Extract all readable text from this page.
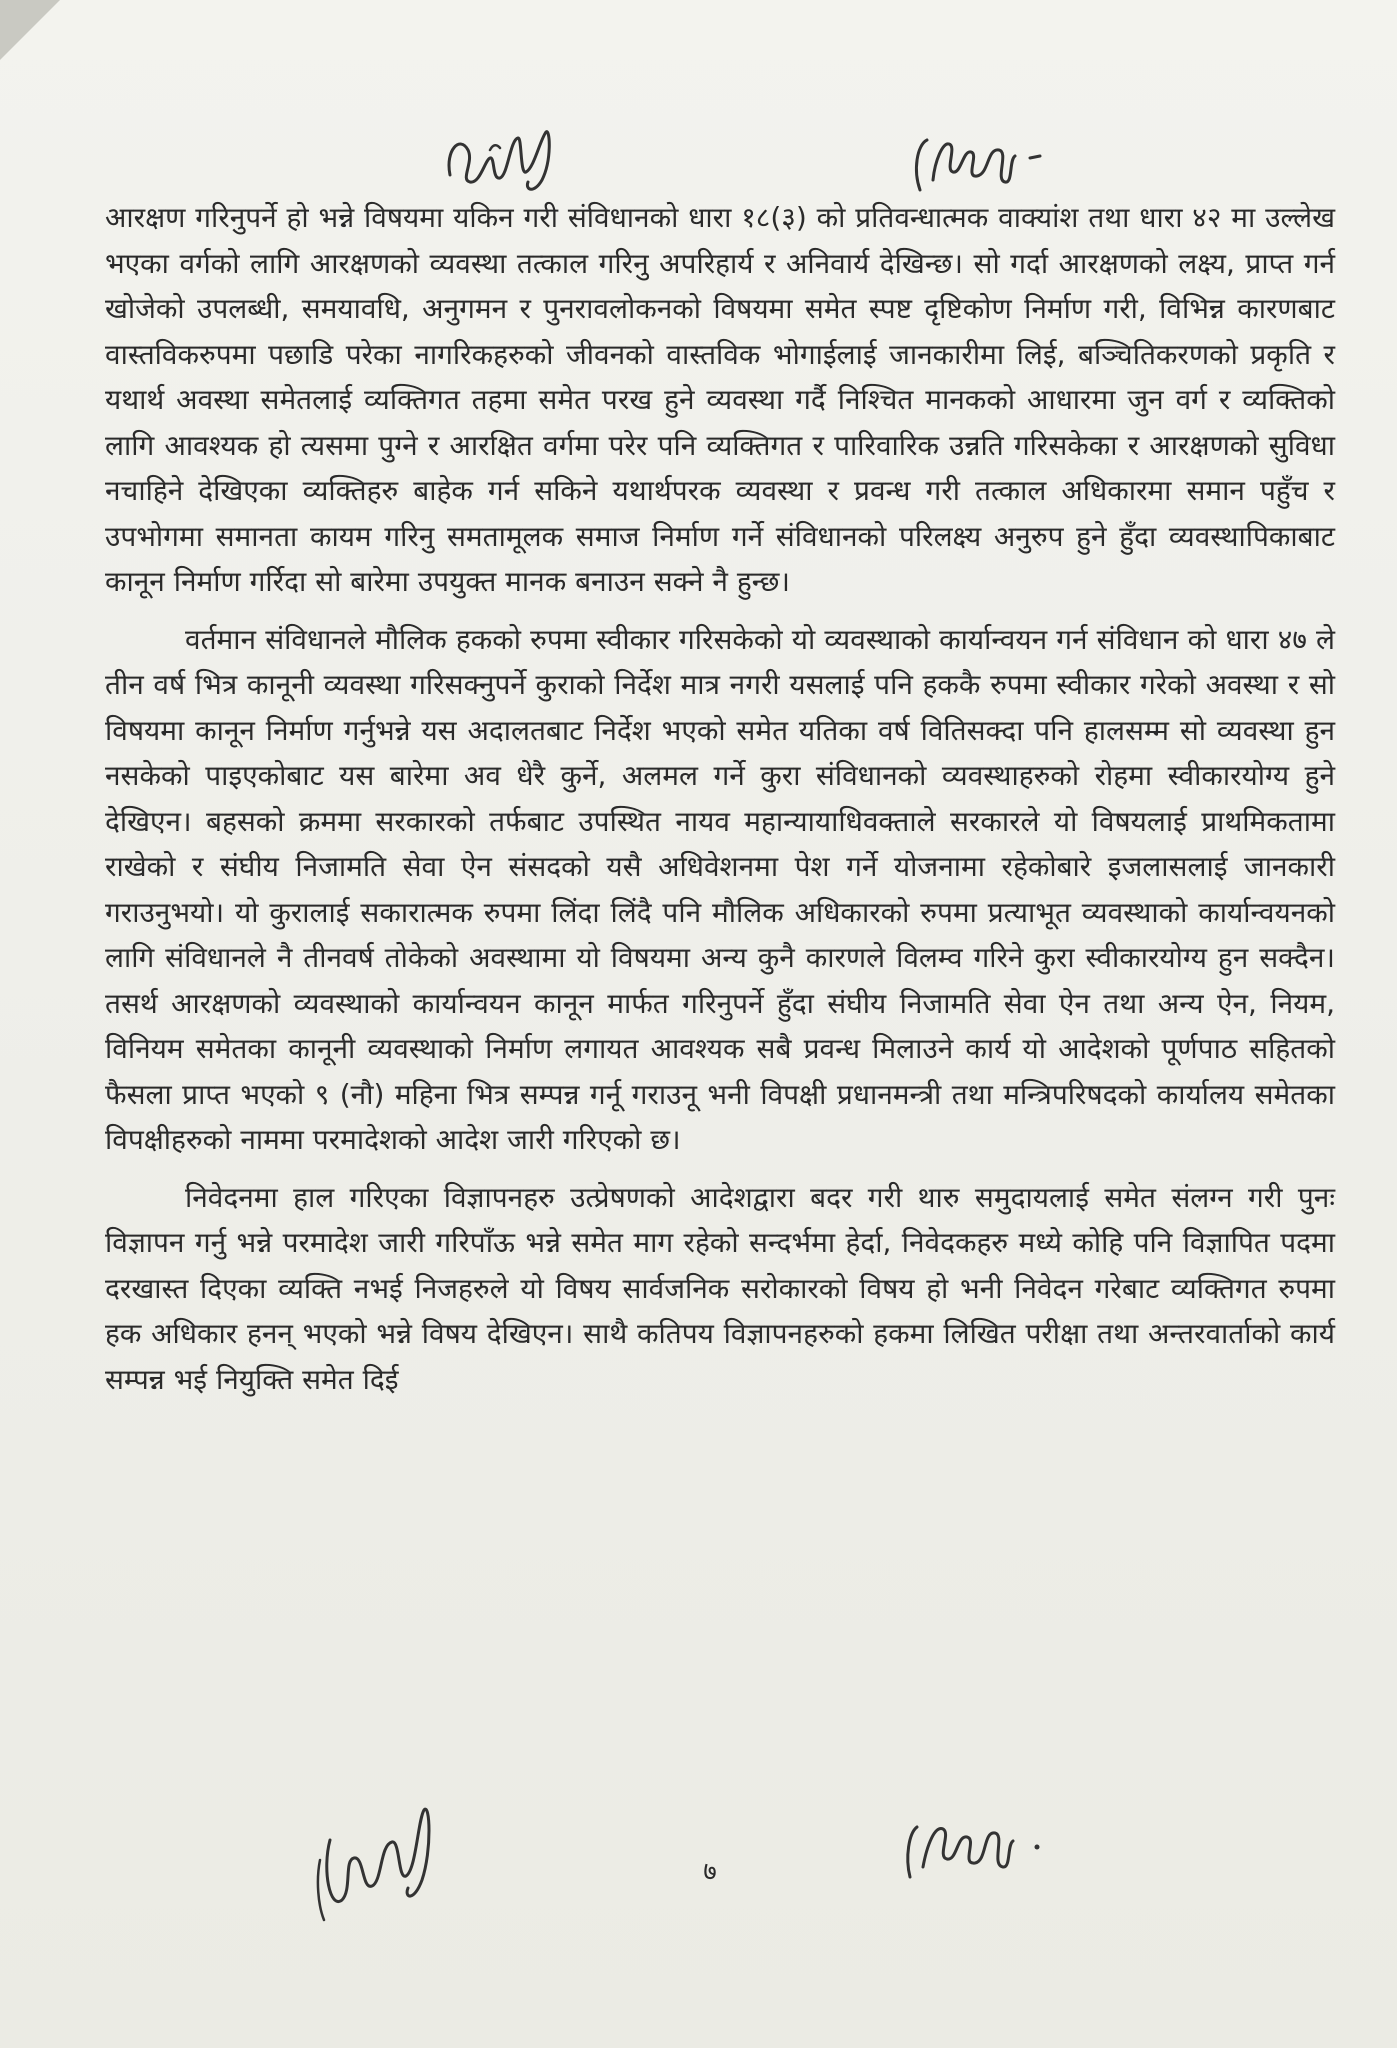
आरक्षण गरिनुपर्ने हो भन्ने विषयमा यकिन गरी संविधानको धारा १८(३) को प्रतिवन्धात्मक वाक्यांश तथा धारा ४२ मा उल्लेख भएका वर्गको लागि आरक्षणको व्यवस्था तत्काल गरिनु अपरिहार्य र अनिवार्य देखिन्छ। सो गर्दा आरक्षणको लक्ष्य, प्राप्त गर्न खोजेको उपलब्धी, समयावधि, अनुगमन र पुनरावलोकनको विषयमा समेत स्पष्ट दृष्टिकोण निर्माण गरी, विभिन्न कारणबाट वास्तविकरुपमा पछाडि परेका नागरिकहरुको जीवनको वास्तविक भोगाईलाई जानकारीमा लिई, बञ्चितिकरणको प्रकृति र यथार्थ अवस्था समेतलाई व्यक्तिगत तहमा समेत परख हुने व्यवस्था गर्दै निश्चित मानकको आधारमा जुन वर्ग र व्यक्तिको लागि आवश्यक हो त्यसमा पुग्ने र आरक्षित वर्गमा परेर पनि व्यक्तिगत र पारिवारिक उन्नति गरिसकेका र आरक्षणको सुविधा नचाहिने देखिएका व्यक्तिहरु बाहेक गर्न सकिने यथार्थपरक व्यवस्था र प्रवन्ध गरी तत्काल अधिकारमा समान पहुँच र उपभोगमा समानता कायम गरिनु समतामूलक समाज निर्माण गर्ने संविधानको परिलक्ष्य अनुरुप हुने हुँदा व्यवस्थापिकाबाट कानून निर्माण गर्रिदा सो बारेमा उपयुक्त मानक बनाउन सक्ने नै हुन्छ।

वर्तमान संविधानले मौलिक हकको रुपमा स्वीकार गरिसकेको यो व्यवस्थाको कार्यान्वयन गर्न संविधान को धारा ४७ ले तीन वर्ष भित्र कानूनी व्यवस्था गरिसक्नुपर्ने कुराको निर्देश मात्र नगरी यसलाई पनि हककै रुपमा स्वीकार गरेको अवस्था र सो विषयमा कानून निर्माण गर्नुभन्ने यस अदालतबाट निर्देश भएको समेत यतिका वर्ष वितिसक्दा पनि हालसम्म सो व्यवस्था हुन नसकेको पाइएकोबाट यस बारेमा अव धेरै कुर्ने, अलमल गर्ने कुरा संविधानको व्यवस्थाहरुको रोहमा स्वीकारयोग्य हुने देखिएन। बहसको क्रममा सरकारको तर्फबाट उपस्थित नायव महान्यायाधिवक्ताले सरकारले यो विषयलाई प्राथमिकतामा राखेको र संघीय निजामति सेवा ऐन संसदको यसै अधिवेशनमा पेश गर्ने योजनामा रहेकोबारे इजलासलाई जानकारी गराउनुभयो। यो कुरालाई सकारात्मक रुपमा लिंदा लिंदै पनि मौलिक अधिकारको रुपमा प्रत्याभूत व्यवस्थाको कार्यान्वयनको लागि संविधानले नै तीनवर्ष तोकेको अवस्थामा यो विषयमा अन्य कुनै कारणले विलम्व गरिने कुरा स्वीकारयोग्य हुन सक्दैन। तसर्थ आरक्षणको व्यवस्थाको कार्यान्वयन कानून मार्फत गरिनुपर्ने हुँदा संघीय निजामति सेवा ऐन तथा अन्य ऐन, नियम, विनियम समेतका कानूनी व्यवस्थाको निर्माण लगायत आवश्यक सबै प्रवन्ध मिलाउने कार्य यो आदेशको पूर्णपाठ सहितको फैसला प्राप्त भएको ९ (नौ) महिना भित्र सम्पन्न गर्नू गराउनू भनी विपक्षी प्रधानमन्त्री तथा मन्त्रिपरिषदको कार्यालय समेतका विपक्षीहरुको नाममा परमादेशको आदेश जारी गरिएको छ।

निवेदनमा हाल गरिएका विज्ञापनहरु उत्प्रेषणको आदेशद्वारा बदर गरी थारु समुदायलाई समेत संलग्न गरी पुनः विज्ञापन गर्नु भन्ने परमादेश जारी गरिपाँऊ भन्ने समेत माग रहेको सन्दर्भमा हेर्दा, निवेदकहरु मध्ये कोहि पनि विज्ञापित पदमा दरखास्त दिएका व्यक्ति नभई निजहरुले यो विषय सार्वजनिक सरोकारको विषय हो भनी निवेदन गरेबाट व्यक्तिगत रुपमा हक अधिकार हनन् भएको भन्ने विषय देखिएन। साथै कतिपय विज्ञापनहरुको हकमा लिखित परीक्षा तथा अन्तरवार्ताको कार्य सम्पन्न भई नियुक्ति समेत दिई

७
